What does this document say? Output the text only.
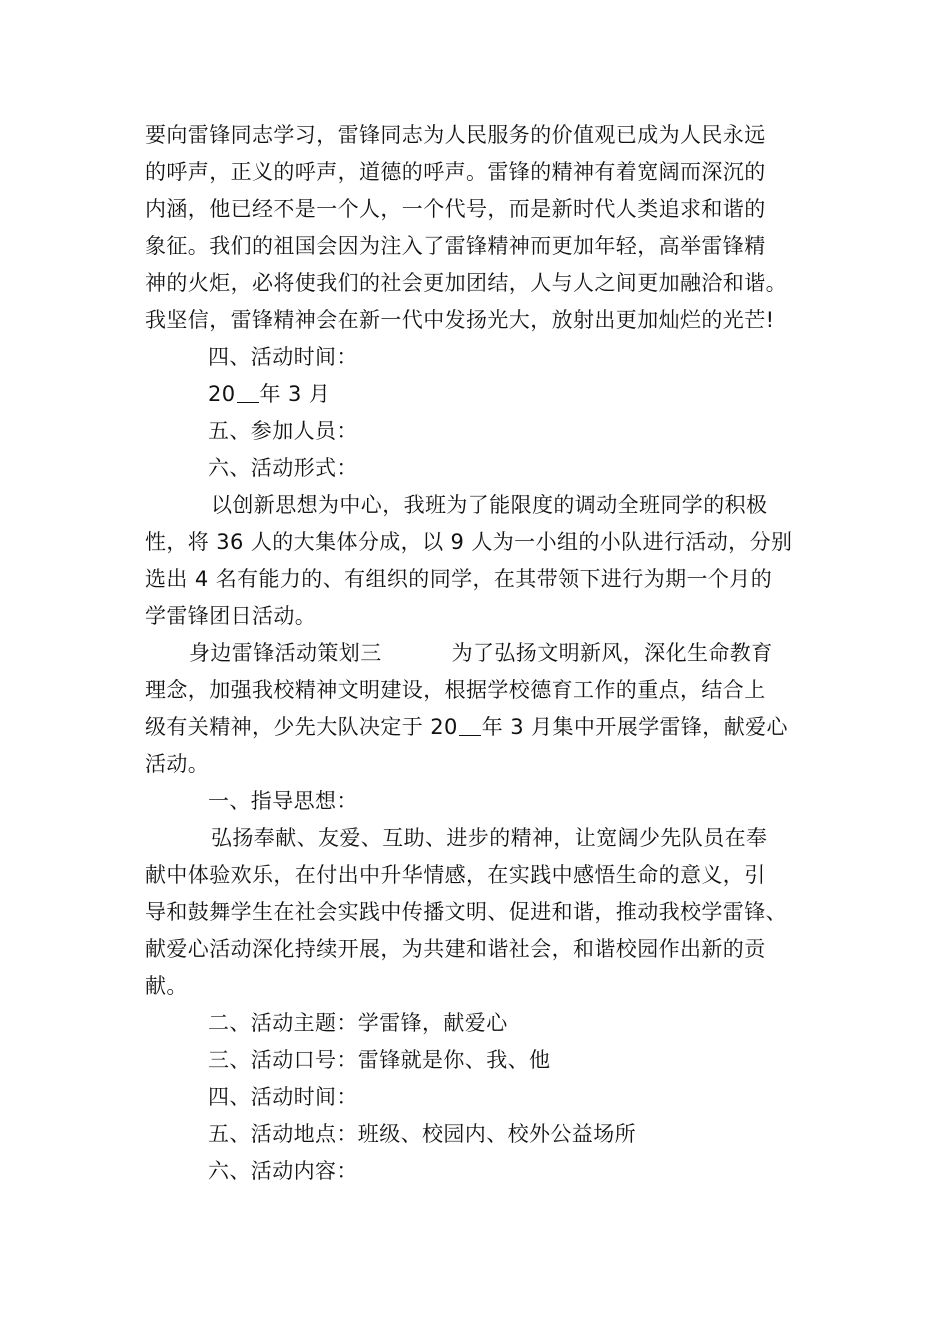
要向雷锋同志学习，雷锋同志为人民服务的价值观已成为人民永远
的呼声，正义的呼声，道德的呼声。雷锋的精神有着宽阔而深沉的
内涵，他已经不是一个人，一个代号，而是新时代人类追求和谐的
象征。我们的祖国会因为注入了雷锋精神而更加年轻，高举雷锋精
神的火炬，必将使我们的社会更加团结，人与人之间更加融洽和谐。
我坚信，雷锋精神会在新一代中发扬光大，放射出更加灿烂的光芒!
四、活动时间：
20 年 3 月
五、参加人员：
六、活动形式：
以创新思想为中心，我班为了能限度的调动全班同学的积极
性，将 36 人的大集体分成，以 9 人为一小组的小队进行活动，分别
选出 4 名有能力的、有组织的同学，在其带领下进行为期一个月的
学雷锋团日活动。
身边雷锋活动策划三	为了弘扬文明新风，深化生命教育
理念，加强我校精神文明建设，根据学校德育工作的重点，结合上
级有关精神，少先大队决定于 20 年 3 月集中开展学雷锋，献爱心
活动。
一、指导思想：
弘扬奉献、友爱、互助、进步的精神，让宽阔少先队员在奉
献中体验欢乐，在付出中升华情感，在实践中感悟生命的意义，引
导和鼓舞学生在社会实践中传播文明、促进和谐，推动我校学雷锋、
献爱心活动深化持续开展，为共建和谐社会，和谐校园作出新的贡
献。
二、活动主题：学雷锋，献爱心
三、活动口号：雷锋就是你、我、他
四、活动时间：
五、活动地点：班级、校园内、校外公益场所
六、活动内容：
